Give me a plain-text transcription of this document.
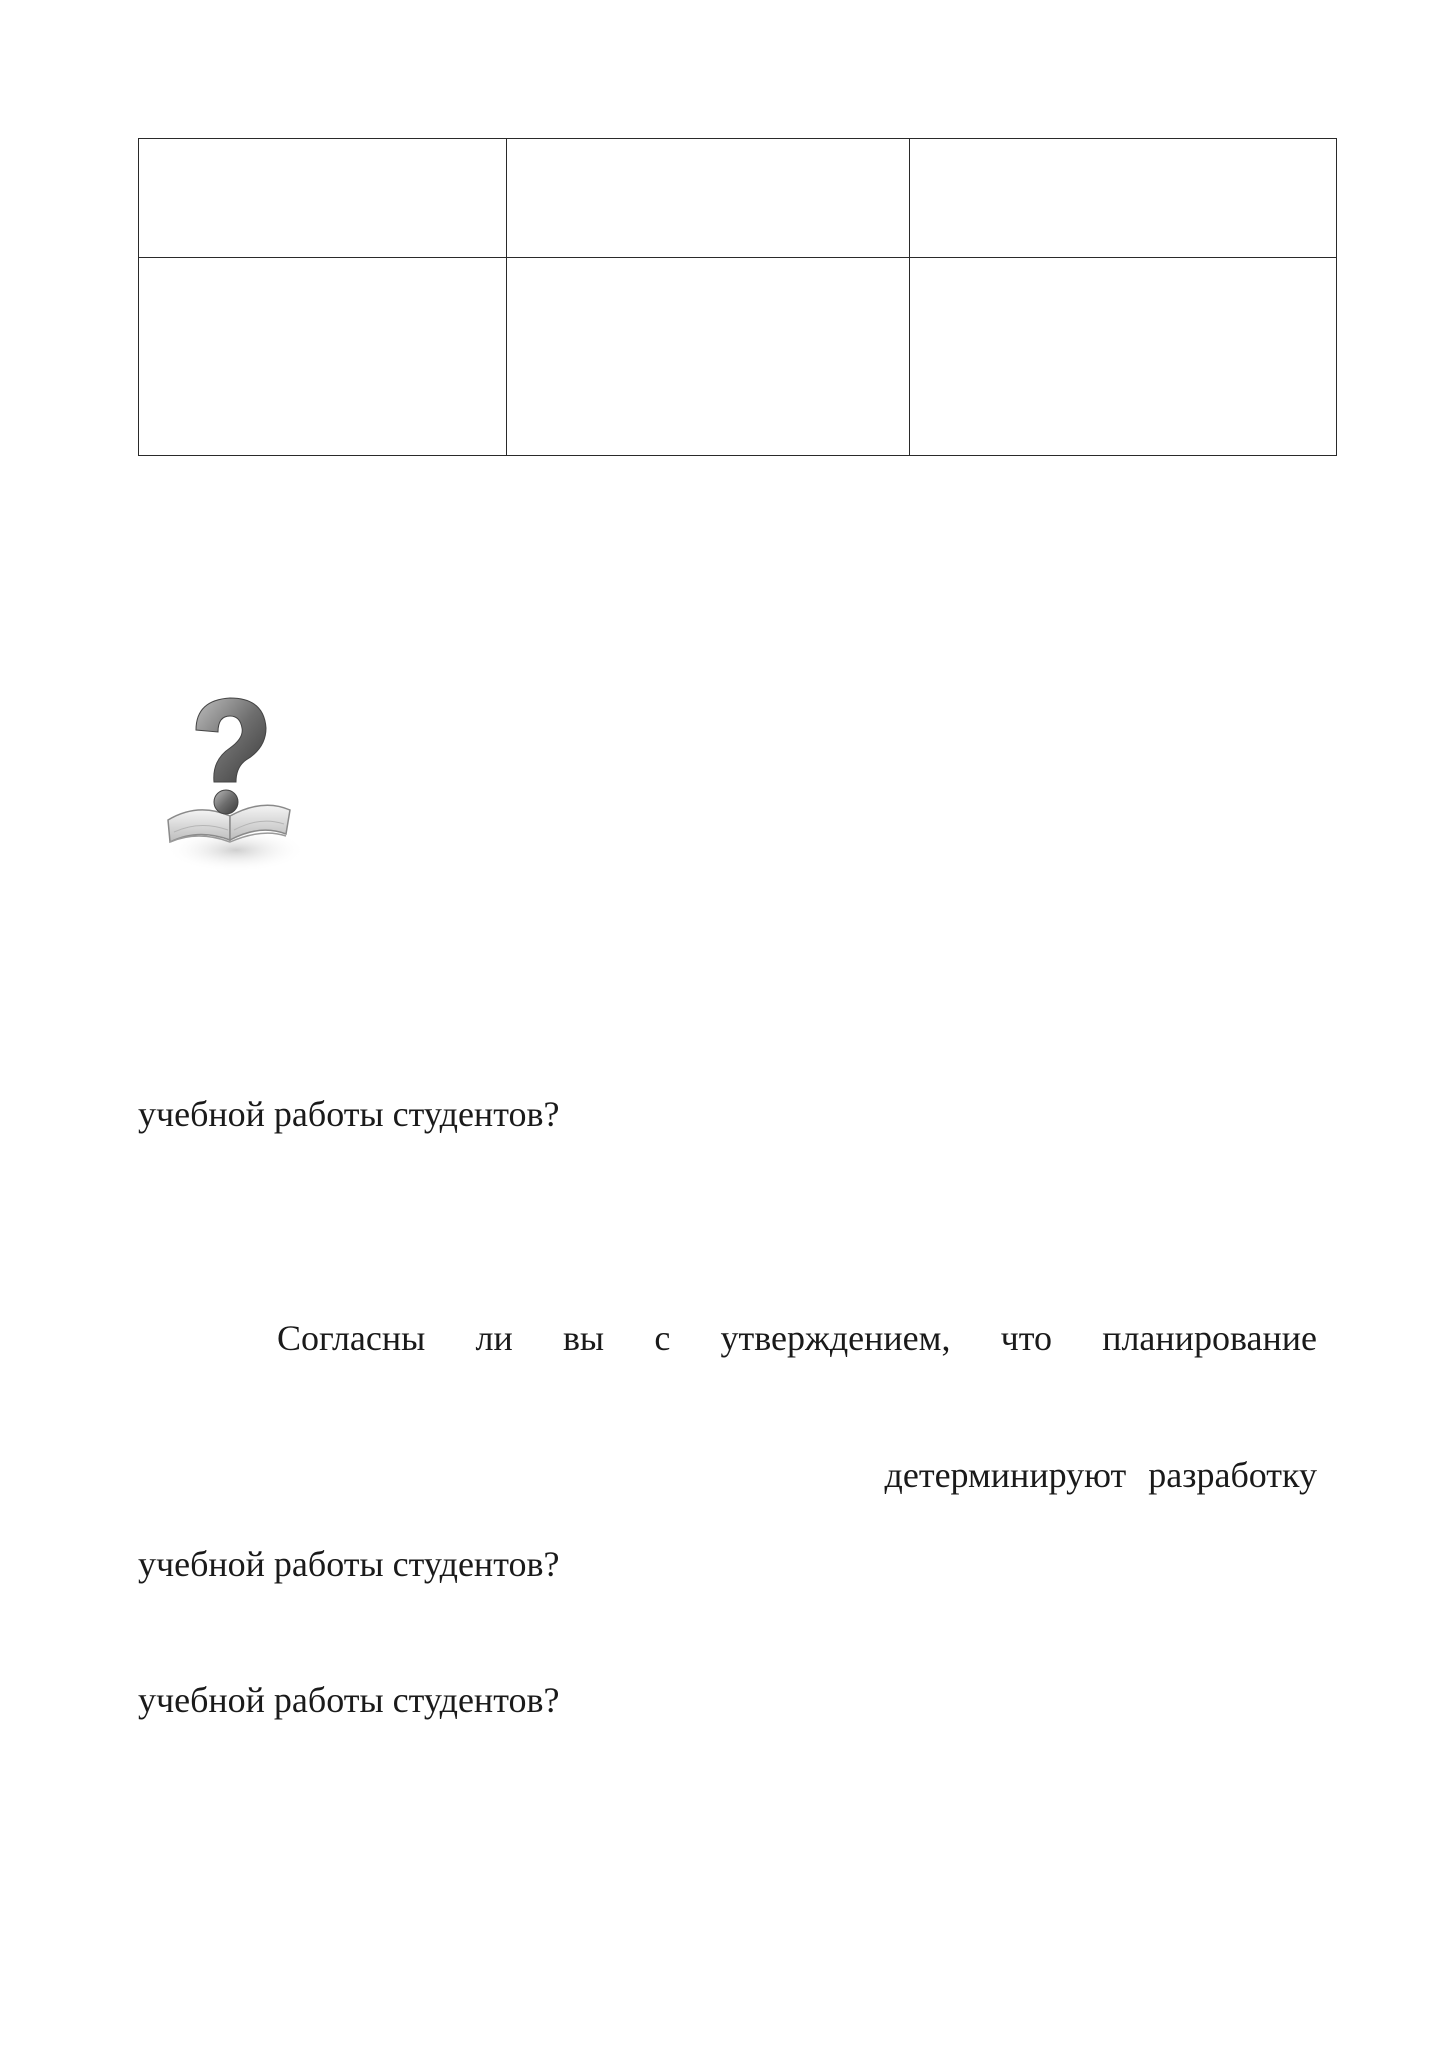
учебной работы студентов?
Согласны ли вы с утверждением, что планирование
детерминируют разработку
учебной работы студентов?
учебной работы студентов?
